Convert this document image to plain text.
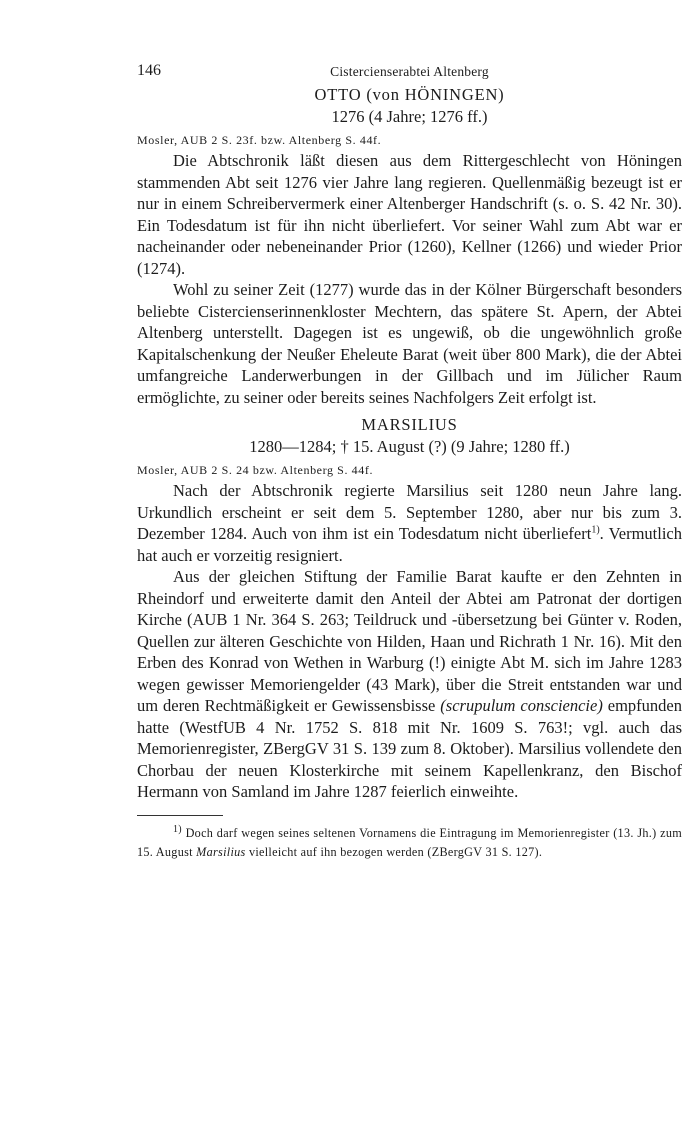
146	Cistercienserabtei Altenberg
OTTO (von HÖNINGEN)
1276 (4 Jahre; 1276 ff.)
Mosler, AUB 2 S. 23f. bzw. Altenberg S. 44f.

Die Abtschronik läßt diesen aus dem Rittergeschlecht von Höningen stammenden Abt seit 1276 vier Jahre lang regieren. Quellenmäßig bezeugt ist er nur in einem Schreibervermerk einer Altenberger Handschrift (s. o. S. 42 Nr. 30). Ein Todesdatum ist für ihn nicht überliefert. Vor seiner Wahl zum Abt war er nacheinander oder nebeneinander Prior (1260), Kellner (1266) und wieder Prior (1274).

Wohl zu seiner Zeit (1277) wurde das in der Kölner Bürgerschaft besonders beliebte Cistercienserinnenkloster Mechtern, das spätere St. Apern, der Abtei Altenberg unterstellt. Dagegen ist es ungewiß, ob die ungewöhnlich große Kapitalschenkung der Neußer Eheleute Barat (weit über 800 Mark), die der Abtei umfangreiche Landerwerbungen in der Gillbach und im Jülicher Raum ermöglichte, zu seiner oder bereits seines Nachfolgers Zeit erfolgt ist.

MARSILIUS
1280—1284; † 15. August (?) (9 Jahre; 1280 ff.)
Mosler, AUB 2 S. 24 bzw. Altenberg S. 44f.

Nach der Abtschronik regierte Marsilius seit 1280 neun Jahre lang. Urkundlich erscheint er seit dem 5. September 1280, aber nur bis zum 3. Dezember 1284. Auch von ihm ist ein Todesdatum nicht überliefert$^{1)}$. Vermutlich hat auch er vorzeitig resigniert.

Aus der gleichen Stiftung der Familie Barat kaufte er den Zehnten in Rheindorf und erweiterte damit den Anteil der Abtei am Patronat der dortigen Kirche (AUB 1 Nr. 364 S. 263; Teildruck und -übersetzung bei Günter v. Roden, Quellen zur älteren Geschichte von Hilden, Haan und Richrath 1 Nr. 16). Mit den Erben des Konrad von Wethen in Warburg (!) einigte Abt M. sich im Jahre 1283 wegen gewisser Memoriengelder (43 Mark), über die Streit entstanden war und um deren Rechtmäßigkeit er Gewissensbisse (scrupulum consciencie) empfunden hatte (WestfUB 4 Nr. 1752 S. 818 mit Nr. 1609 S. 763!; vgl. auch das Memorienregister, ZBergGV 31 S. 139 zum 8. Oktober). Marsilius vollendete den Chorbau der neuen Klosterkirche mit seinem Kapellenkranz, den Bischof Hermann von Samland im Jahre 1287 feierlich einweihte.

$^{1)}$ Doch darf wegen seines seltenen Vornamens die Eintragung im Memorienregister (13. Jh.) zum 15. August Marsilius vielleicht auf ihn bezogen werden (ZBergGV 31 S. 127).
